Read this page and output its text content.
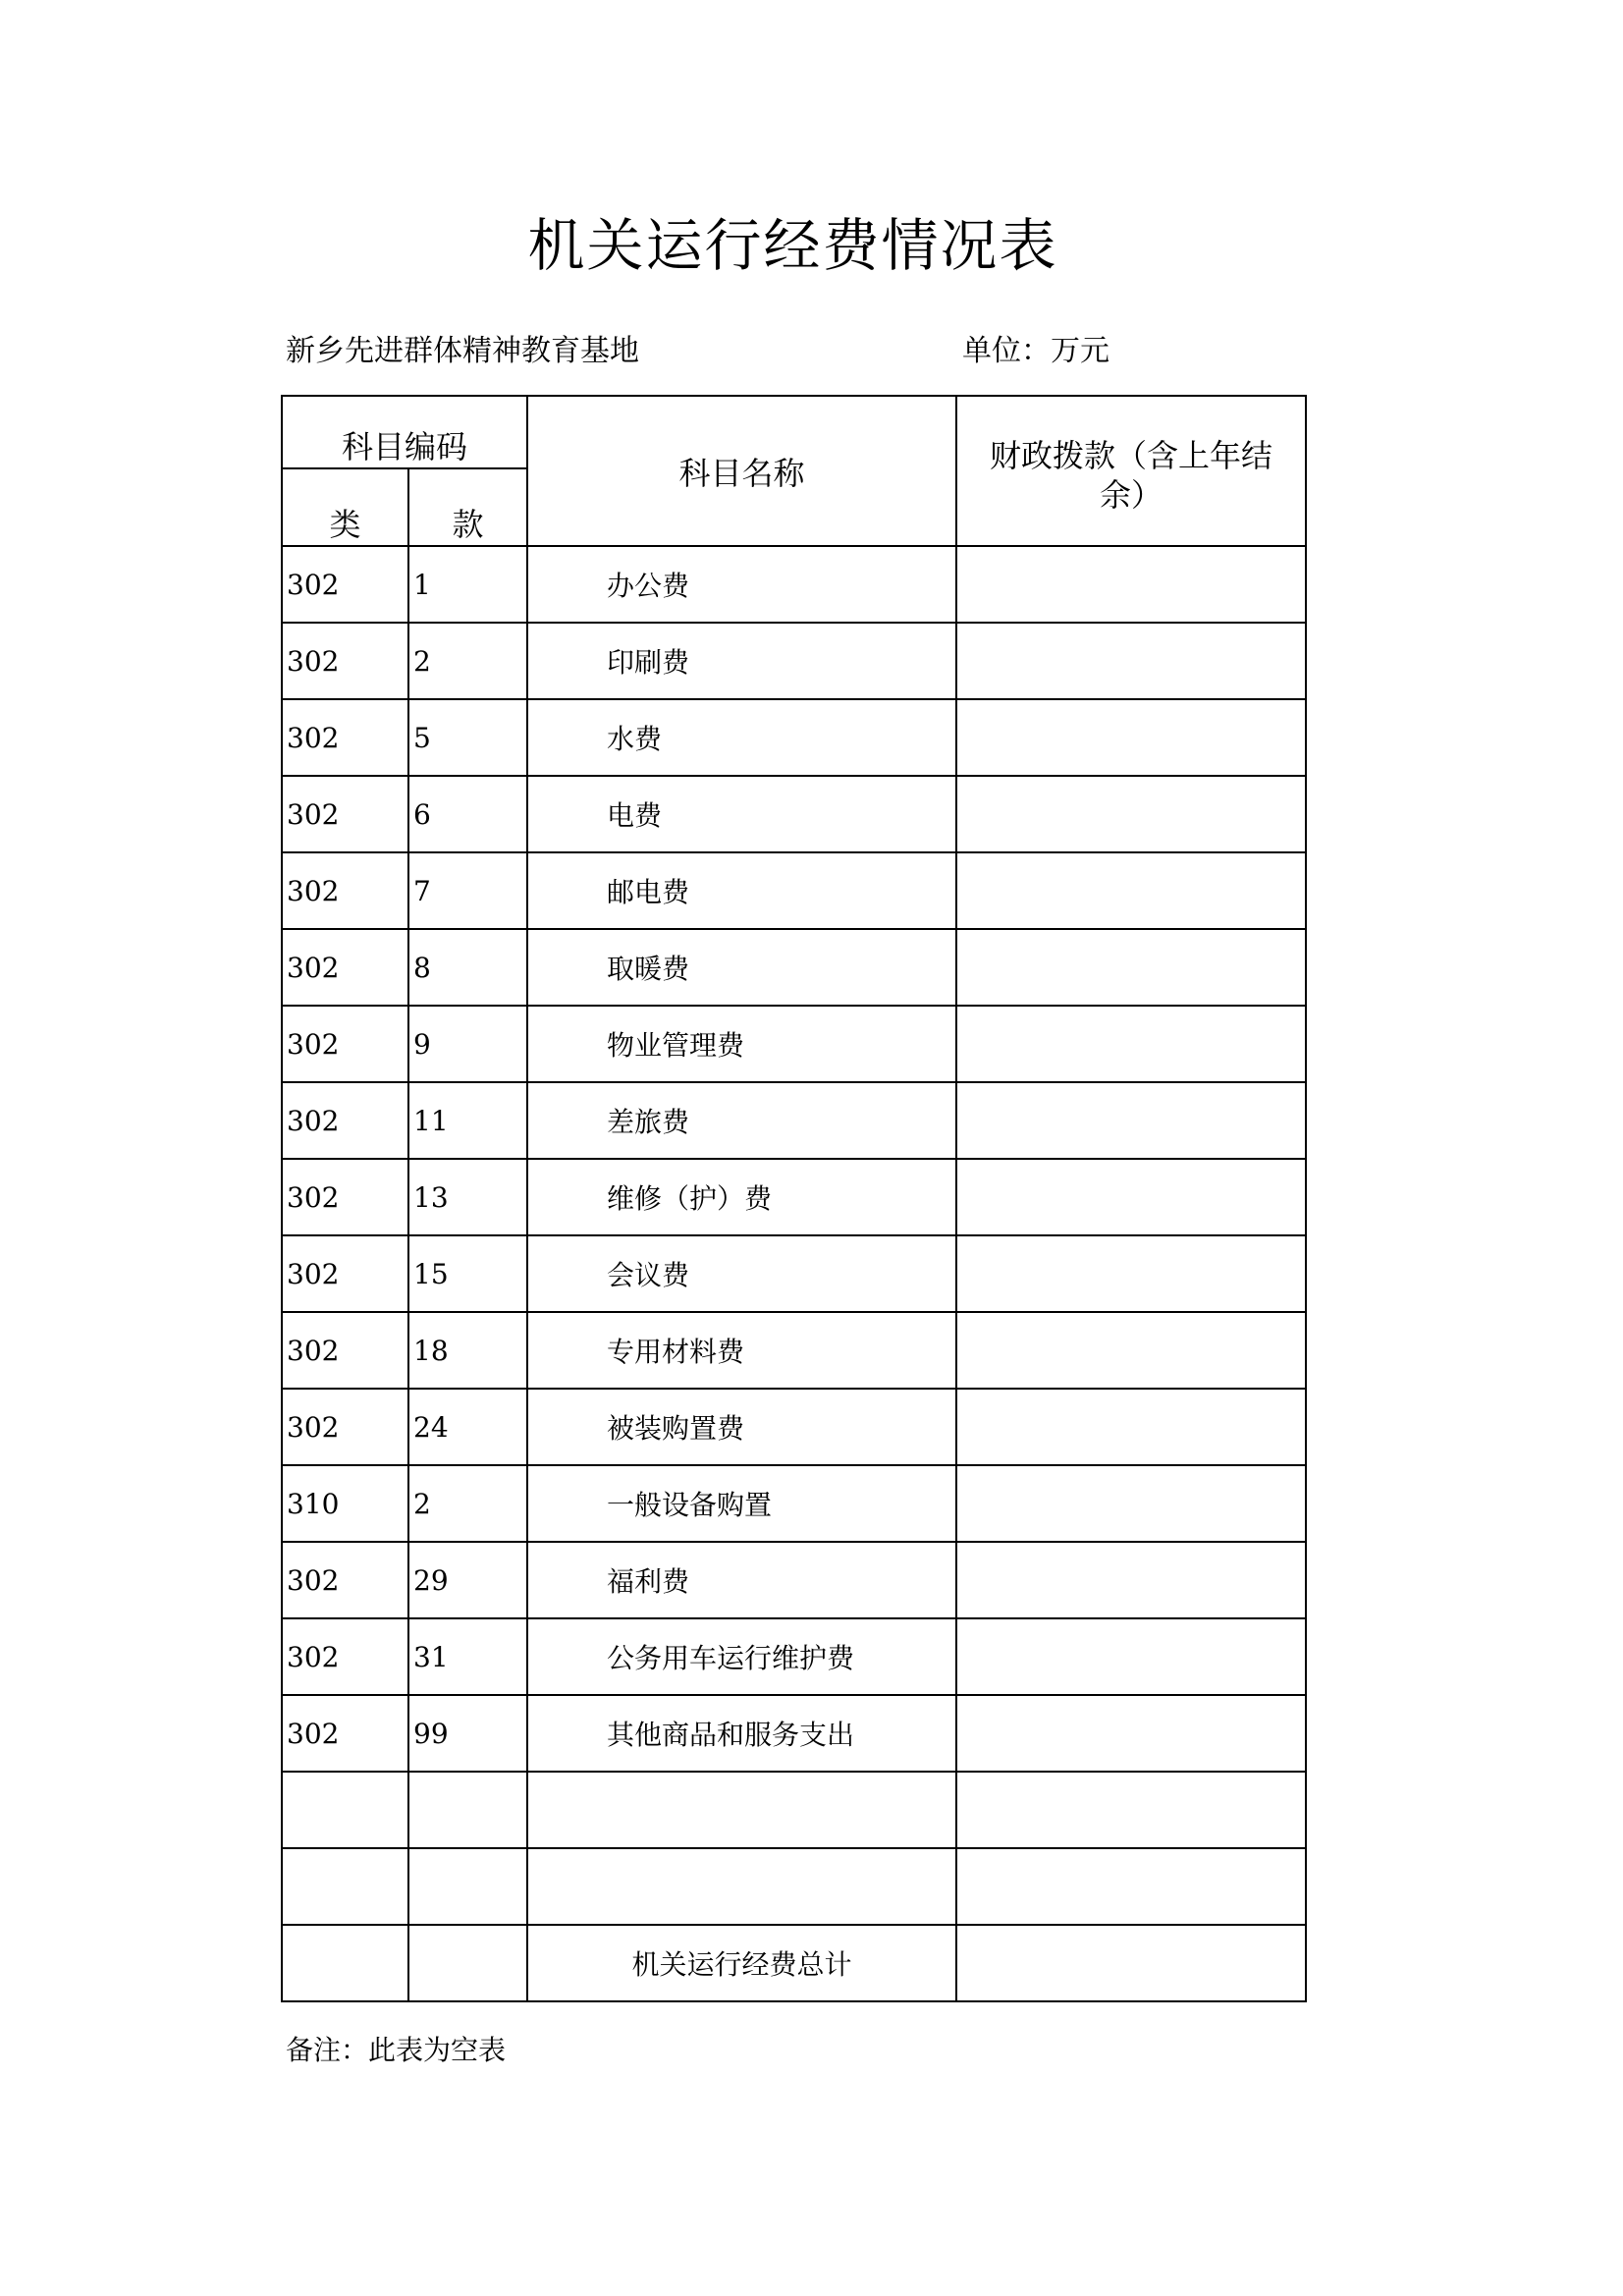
机关运行经费情况表
新乡先进群体精神教育基地	单位：万元
科目编码		科目名称	财政拨款（含上年结余）
类	款		
302	1	办公费	
302	2	印刷费	
302	5	水费	
302	6	电费	
302	7	邮电费	
302	8	取暖费	
302	9	物业管理费	
302	11	差旅费	
302	13	维修（护）费	
302	15	会议费	
302	18	专用材料费	
302	24	被装购置费	
310	2	一般设备购置	
302	29	福利费	
302	31	公务用车运行维护费	
302	99	其他商品和服务支出	

		机关运行经费总计	
备注：此表为空表
